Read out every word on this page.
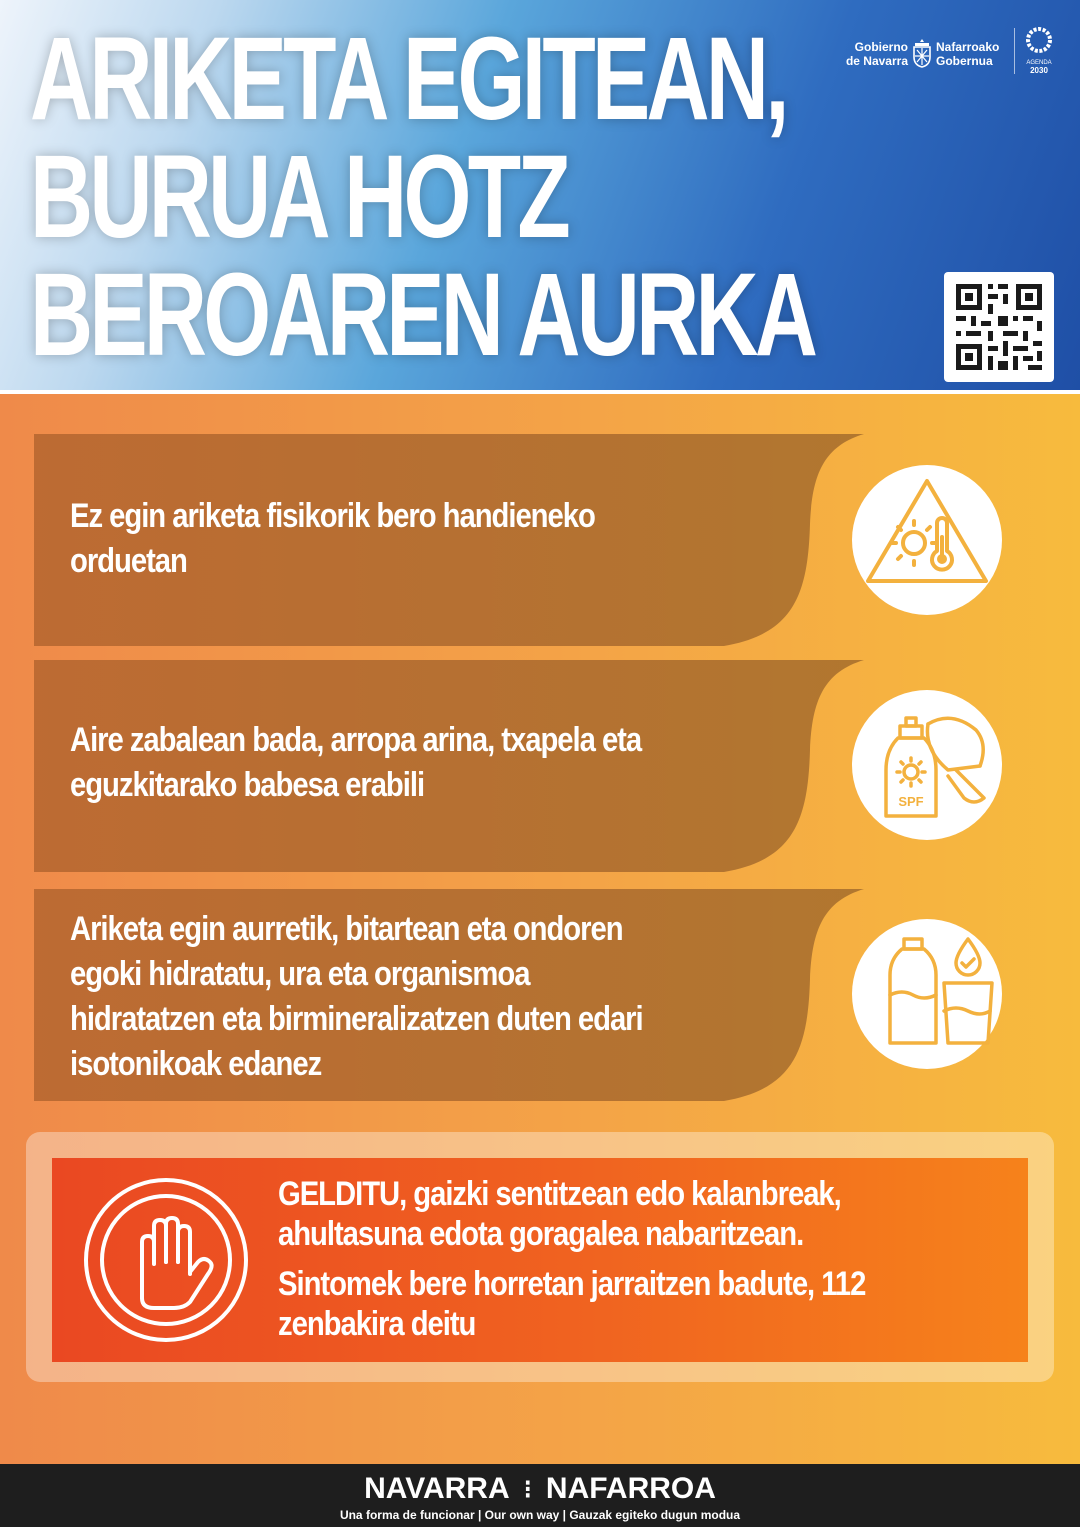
ARIKETA EGITEAN,
BURUA HOTZ
BEROAREN AURKA
Gobierno
de Navarra
Nafarroako
Gobernua	AGENDA
2030
Ez egin ariketa fisikorik bero handieneko
orduetan
Aire zabalean bada, arropa arina, txapela eta
eguzkitarako babesa erabili	SPF
Ariketa egin aurretik, bitartean eta ondoren
egoki hidratatu, ura eta organismoa
hidratatzen eta birmineralizatzen duten edari
isotonikoak edanez
GELDITU, gaizki sentitzean edo kalanbreak,
ahultasuna edota goragalea nabaritzean.
Sintomek bere horretan jarraitzen badute, 112
zenbakira deitu
NAVARRA ⁝ NAFARROA
Una forma de funcionar | Our own way | Gauzak egiteko dugun modua
